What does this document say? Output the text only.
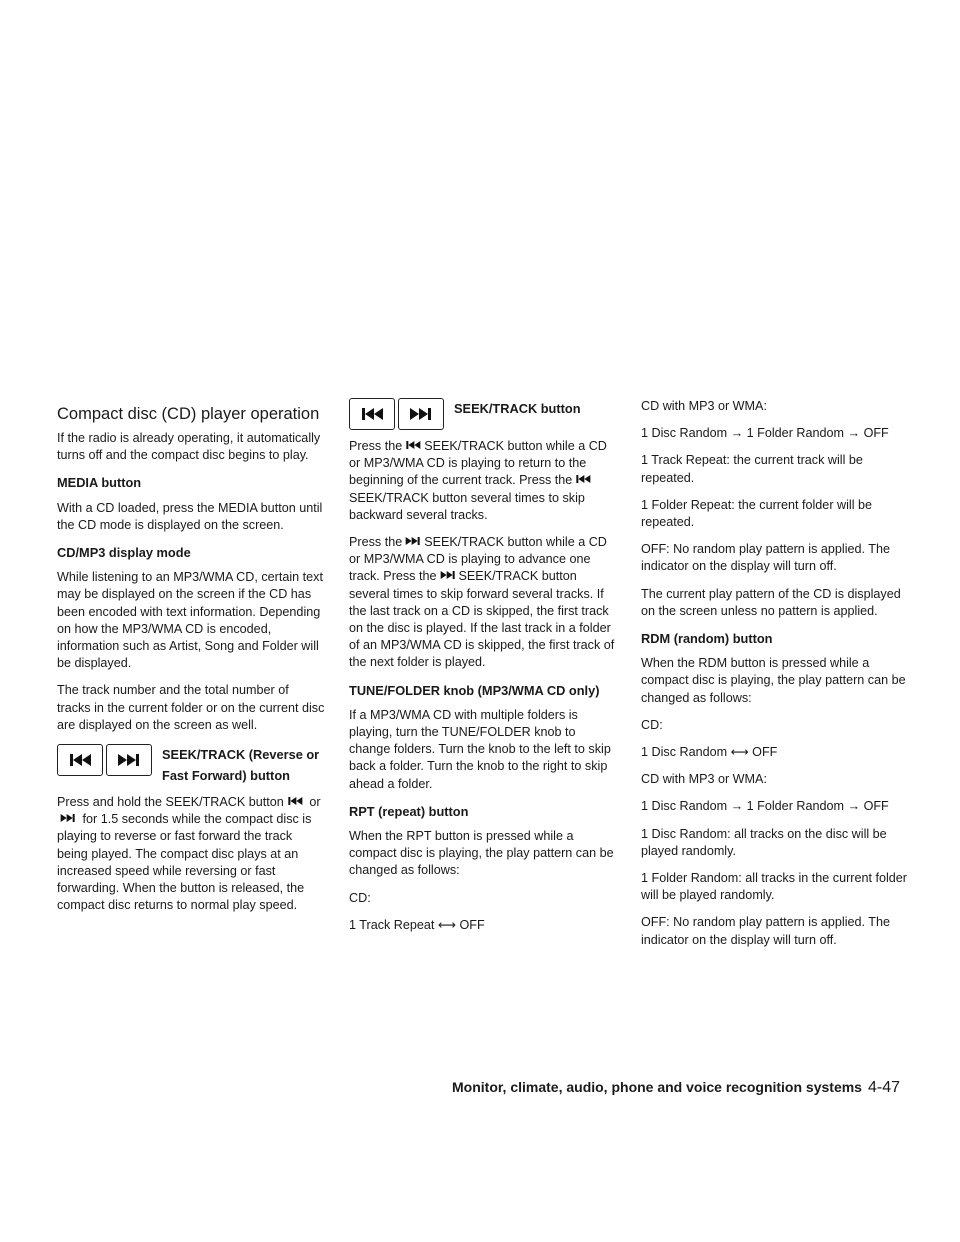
Compact disc (CD) player operation

If the radio is already operating, it automatically turns off and the compact disc begins to play.

MEDIA button

With a CD loaded, press the MEDIA button until the CD mode is displayed on the screen.

CD/MP3 display mode

While listening to an MP3/WMA CD, certain text may be displayed on the screen if the CD has been encoded with text information. Depending on how the MP3/WMA CD is encoded, information such as Artist, Song and Folder will be displayed.

The track number and the total number of tracks in the current folder or on the current disc are displayed on the screen as well.

SEEK/TRACK (Reverse or Fast Forward) button

Press and hold the SEEK/TRACK button or
for 1.5 seconds while the compact disc is playing to reverse or fast forward the track being played. The compact disc plays at an increased speed while reversing or fast forwarding. When the button is released, the compact disc returns to normal play speed.

SEEK/TRACK button

Press the SEEK/TRACK button while a CD or MP3/WMA CD is playing to return to the beginning of the current track. Press the
SEEK/TRACK button several times to skip backward several tracks.

Press the SEEK/TRACK button while a CD or MP3/WMA CD is playing to advance one track. Press the SEEK/TRACK button several times to skip forward several tracks. If the last track on a CD is skipped, the first track on the disc is played. If the last track in a folder of an MP3/WMA CD is skipped, the first track of the next folder is played.

TUNE/FOLDER knob (MP3/WMA CD only)

If a MP3/WMA CD with multiple folders is playing, turn the TUNE/FOLDER knob to change folders. Turn the knob to the left to skip back a folder. Turn the knob to the right to skip ahead a folder.

RPT (repeat) button

When the RPT button is pressed while a compact disc is playing, the play pattern can be changed as follows:

CD:

1 Track Repeat ⟷ OFF

CD with MP3 or WMA:

1 Disc Random → 1 Folder Random → OFF

1 Track Repeat: the current track will be repeated.

1 Folder Repeat: the current folder will be repeated.

OFF: No random play pattern is applied. The indicator on the display will turn off.

The current play pattern of the CD is displayed on the screen unless no pattern is applied.

RDM (random) button

When the RDM button is pressed while a compact disc is playing, the play pattern can be changed as follows:

CD:

1 Disc Random ⟷ OFF

CD with MP3 or WMA:

1 Disc Random → 1 Folder Random → OFF

1 Disc Random: all tracks on the disc will be played randomly.

1 Folder Random: all tracks in the current folder will be played randomly.

OFF: No random play pattern is applied. The indicator on the display will turn off.

Monitor, climate, audio, phone and voice recognition systems 4-47
